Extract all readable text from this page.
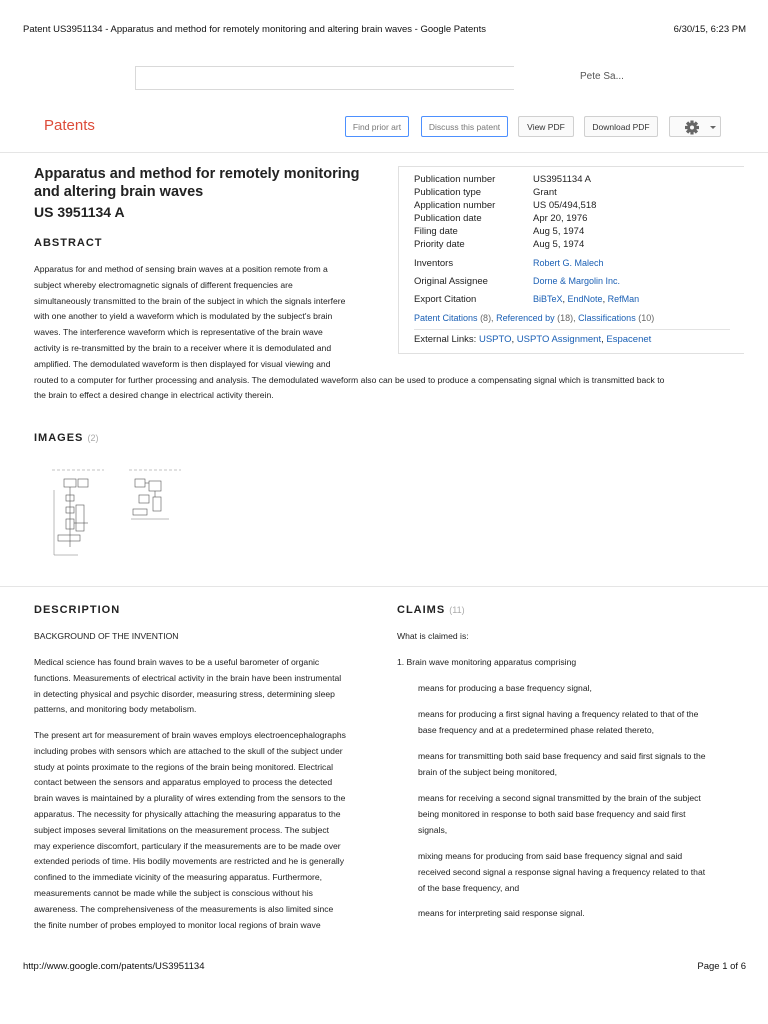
Patent US3951134 - Apparatus and method for remotely monitoring and altering brain waves - Google Patents	6/30/15, 6:23 PM
Pete Sa...
Patents	Find prior art	Discuss this patent	View PDF	Download PDF
Apparatus and method for remotely monitoring and altering brain waves
US 3951134 A
ABSTRACT
Apparatus for and method of sensing brain waves at a position remote from a
subject whereby electromagnetic signals of different frequencies are
simultaneously transmitted to the brain of the subject in which the signals interfere
with one another to yield a waveform which is modulated by the subject's brain
waves. The interference waveform which is representative of the brain wave
activity is re-transmitted by the brain to a receiver where it is demodulated and
amplified. The demodulated waveform is then displayed for visual viewing and
routed to a computer for further processing and analysis. The demodulated waveform also can be used to produce a compensating signal which is transmitted back to
the brain to effect a desired change in electrical activity therein.
Publication number	US3951134 A
Publication type	Grant
Application number	US 05/494,518
Publication date	Apr 20, 1976
Filing date	Aug 5, 1974
Priority date	Aug 5, 1974
Inventors	Robert G. Malech
Original Assignee	Dorne & Margolin Inc.
Export Citation	BiBTeX, EndNote, RefMan
Patent Citations (8), Referenced by (18), Classifications (10)
External Links: USPTO, USPTO Assignment, Espacenet
IMAGES (2)
DESCRIPTION
BACKGROUND OF THE INVENTION
Medical science has found brain waves to be a useful barometer of organic
functions. Measurements of electrical activity in the brain have been instrumental
in detecting physical and psychic disorder, measuring stress, determining sleep
patterns, and monitoring body metabolism.
The present art for measurement of brain waves employs electroencephalographs
including probes with sensors which are attached to the skull of the subject under
study at points proximate to the regions of the brain being monitored. Electrical
contact between the sensors and apparatus employed to process the detected
brain waves is maintained by a plurality of wires extending from the sensors to the
apparatus. The necessity for physically attaching the measuring apparatus to the
subject imposes several limitations on the measurement process. The subject
may experience discomfort, particulary if the measurements are to be made over
extended periods of time. His bodily movements are restricted and he is generally
confined to the immediate vicinity of the measuring apparatus. Furthermore,
measurements cannot be made while the subject is conscious without his
awareness. The comprehensiveness of the measurements is also limited since
the finite number of probes employed to monitor local regions of brain wave
CLAIMS (11)
What is claimed is:
1. Brain wave monitoring apparatus comprising
means for producing a base frequency signal,
means for producing a first signal having a frequency related to that of the
base frequency and at a predetermined phase related thereto,
means for transmitting both said base frequency and said first signals to the
brain of the subject being monitored,
means for receiving a second signal transmitted by the brain of the subject
being monitored in response to both said base frequency and said first
signals,
mixing means for producing from said base frequency signal and said
received second signal a response signal having a frequency related to that
of the base frequency, and
means for interpreting said response signal.
http://www.google.com/patents/US3951134	Page 1 of 6
